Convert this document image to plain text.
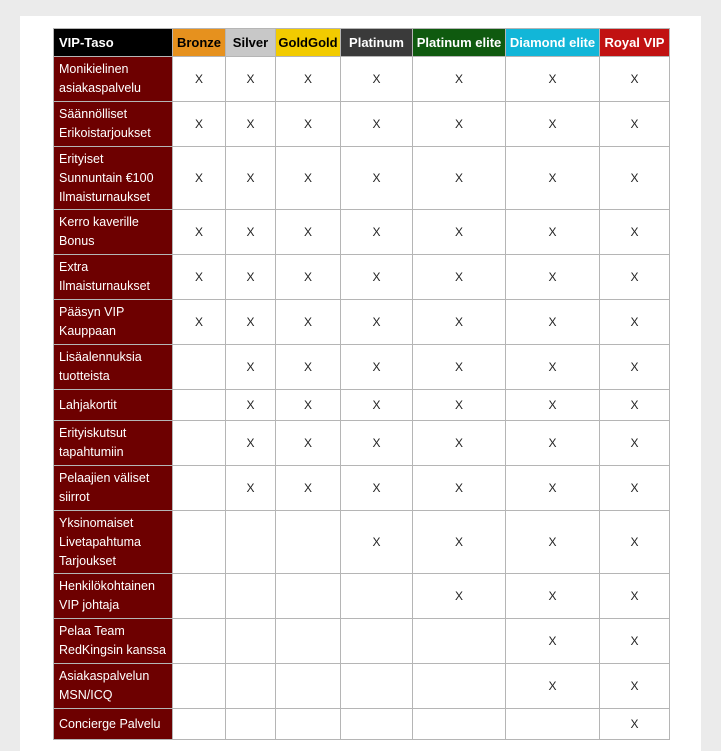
VIP-Taso	Bronze	Silver	GoldGold	Platinum	Platinum elite	Diamond elite	Royal VIP

Monikielinen
asiakaspalvelu	X	X	X	X	X	X	X

Säännölliset
Erikoistarjoukset	X	X	X	X	X	X	X

Erityiset
Sunnuntain €100
Ilmaisturnaukset	X	X	X	X	X	X	X

Kerro kaverille
Bonus	X	X	X	X	X	X	X

Extra
Ilmaisturnaukset	X	X	X	X	X	X	X

Pääsyn VIP
Kauppaan	X	X	X	X	X	X	X

Lisäalennuksia
tuotteista		X	X	X	X	X	X

Lahjakortit		X	X	X	X	X	X

Erityiskutsut
tapahtumiin		X	X	X	X	X	X

Pelaajien väliset
siirrot		X	X	X	X	X	X

Yksinomaiset
Livetapahtuma
Tarjoukset				X	X	X	X

Henkilökohtainen
VIP johtaja					X	X	X

Pelaa Team
RedKingsin kanssa						X	X

Asiakaspalvelun
MSN/ICQ						X	X

Concierge Palvelu							X
